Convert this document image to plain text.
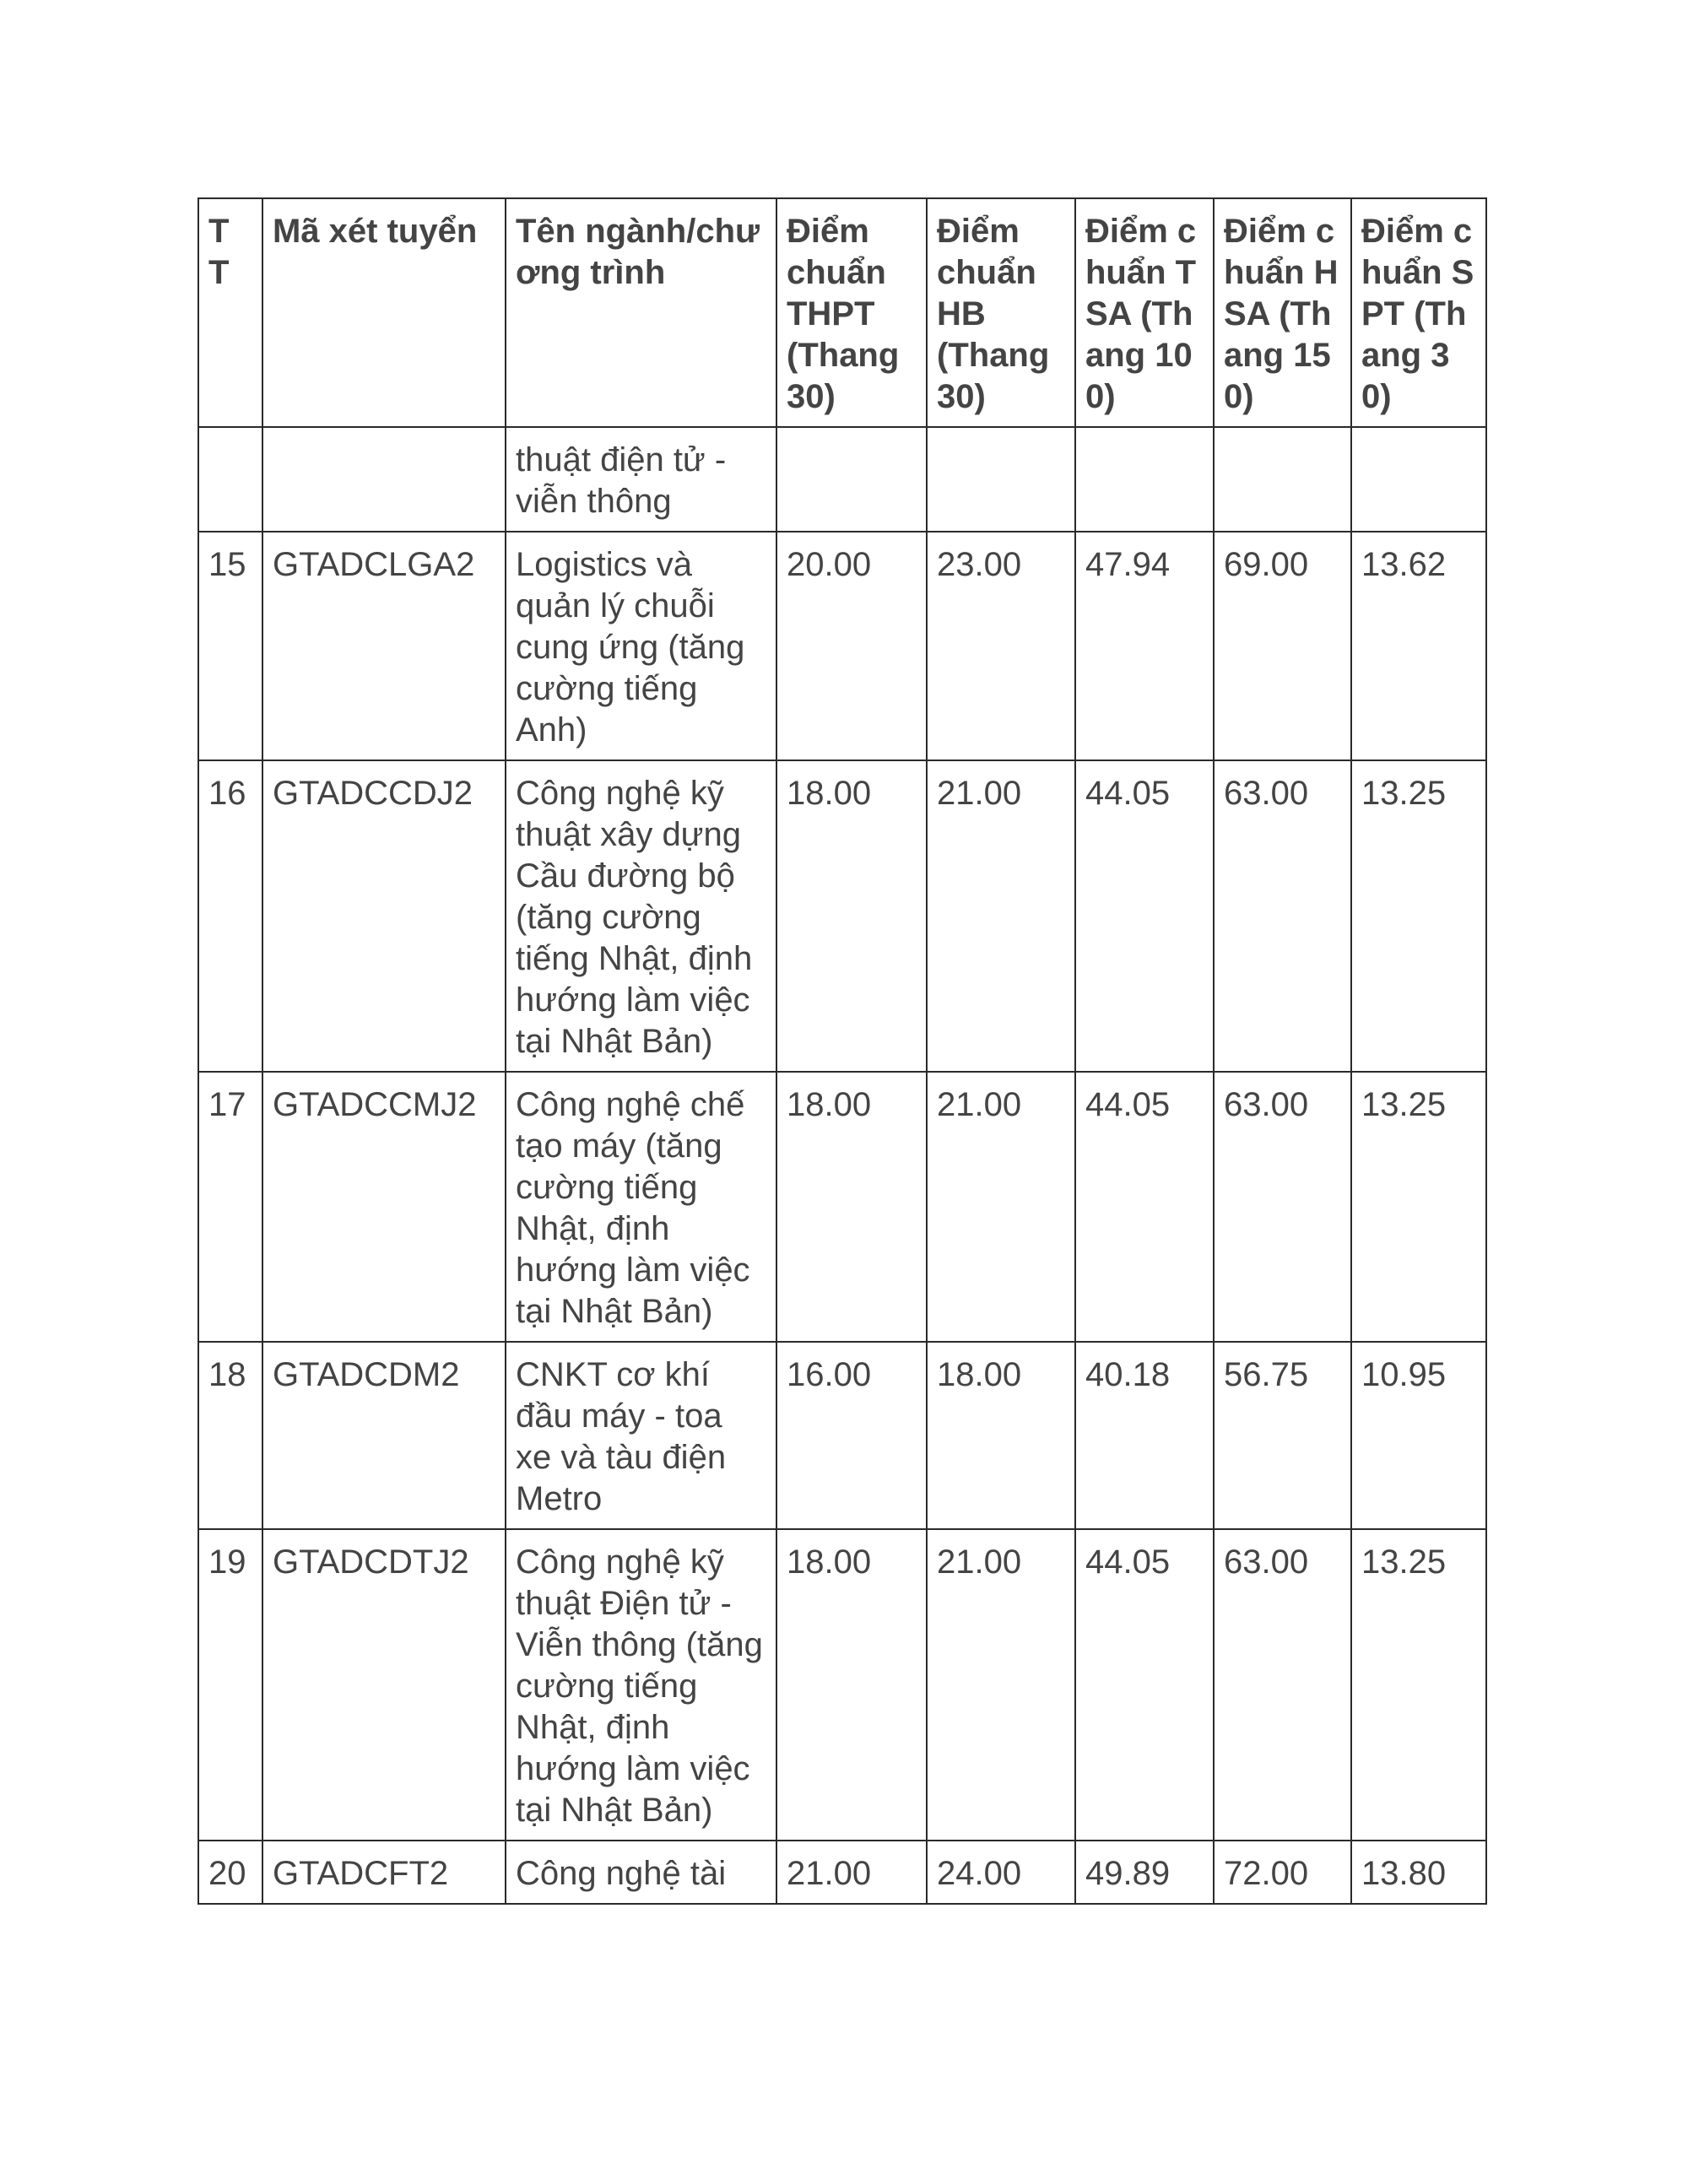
T T	Mã xét tuyển	Tên ngành/chương trình	Điểm chuẩn THPT (Thang 30)	Điểm chuẩn HB (Thang 30)	Điểm chuẩn TSA (Thang 100)	Điểm chuẩn HSA (Thang 150)	Điểm chuẩn SPT (Thang 30)
		thuật điện tử - viễn thông					
15	GTADCLGA2	Logistics và quản lý chuỗi cung ứng (tăng cường tiếng Anh)	20.00	23.00	47.94	69.00	13.62
16	GTADCCDJ2	Công nghệ kỹ thuật xây dựng Cầu đường bộ (tăng cường tiếng Nhật, định hướng làm việc tại Nhật Bản)	18.00	21.00	44.05	63.00	13.25
17	GTADCCMJ2	Công nghệ chế tạo máy (tăng cường tiếng Nhật, định hướng làm việc tại Nhật Bản)	18.00	21.00	44.05	63.00	13.25
18	GTADCDM2	CNKT cơ khí đầu máy - toa xe và tàu điện Metro	16.00	18.00	40.18	56.75	10.95
19	GTADCDTJ2	Công nghệ kỹ thuật Điện tử - Viễn thông (tăng cường tiếng Nhật, định hướng làm việc tại Nhật Bản)	18.00	21.00	44.05	63.00	13.25
20	GTADCFT2	Công nghệ tài	21.00	24.00	49.89	72.00	13.80
